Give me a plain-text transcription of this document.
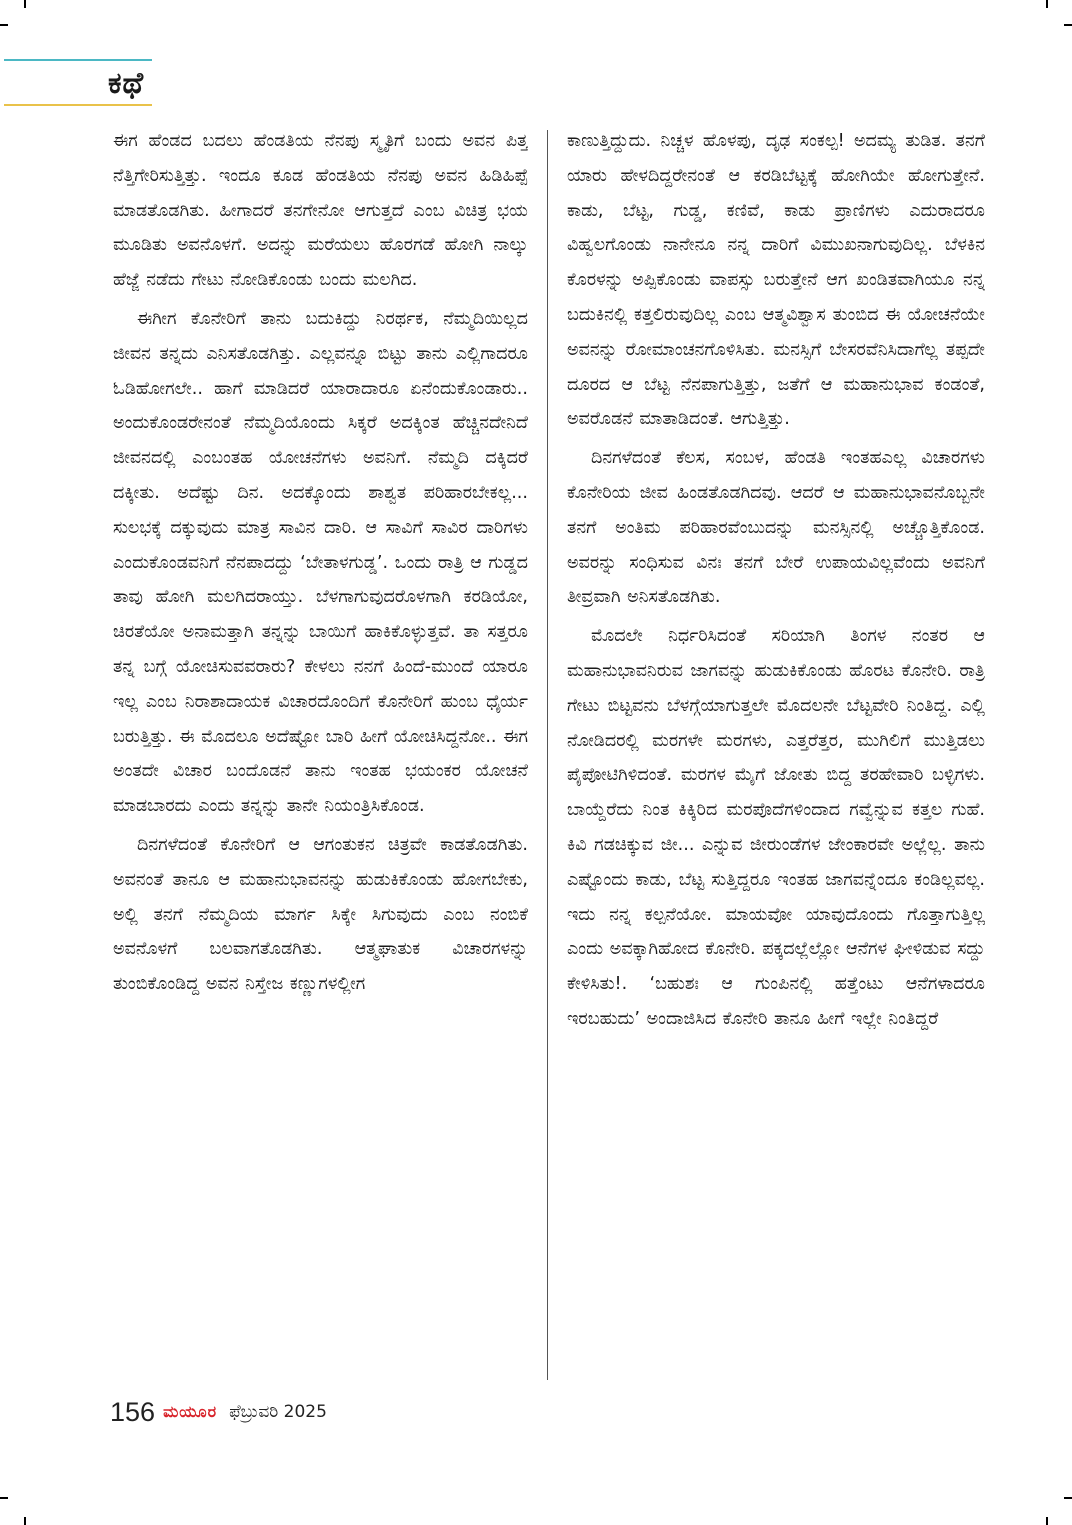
ಕಥೆ

ಈಗ ಹೆಂಡದ ಬದಲು ಹೆಂಡತಿಯ ನೆನಪು ಸ್ಮೃತಿಗೆ ಬಂದು ಅವನ ಪಿತ್ತ ನೆತ್ತಿಗೇರಿಸುತ್ತಿತ್ತು. ಇಂದೂ ಕೂಡ ಹೆಂಡತಿಯ ನೆನಪು ಅವನ ಹಿಡಿಹಿಪ್ಪೆ ಮಾಡತೊಡಗಿತು. ಹೀಗಾದರೆ ತನಗೇನೋ ಆಗುತ್ತದೆ ಎಂಬ ವಿಚಿತ್ರ ಭಯ ಮೂಡಿತು ಅವನೊಳಗೆ. ಅದನ್ನು ಮರೆಯಲು ಹೊರಗಡೆ ಹೋಗಿ ನಾಲ್ಕು ಹೆಜ್ಜೆ ನಡೆದು ಗೇಟು ನೋಡಿಕೊಂಡು ಬಂದು ಮಲಗಿದ.

ಈಗೀಗ ಕೊನೇರಿಗೆ ತಾನು ಬದುಕಿದ್ದು ನಿರರ್ಥಕ, ನೆಮ್ಮದಿಯಿಲ್ಲದ ಜೀವನ ತನ್ನದು ಎನಿಸತೊಡಗಿತ್ತು. ಎಲ್ಲವನ್ನೂ ಬಿಟ್ಟು ತಾನು ಎಲ್ಲಿಗಾದರೂ ಓಡಿಹೋಗಲೇ.. ಹಾಗೆ ಮಾಡಿದರೆ ಯಾರಾದಾರೂ ಏನೆಂದುಕೊಂಡಾರು.. ಅಂದುಕೊಂಡರೇನಂತೆ ನೆಮ್ಮದಿಯೊಂದು ಸಿಕ್ಕರೆ ಅದಕ್ಕಿಂತ ಹೆಚ್ಚಿನದೇನಿದೆ ಜೀವನದಲ್ಲಿ ಎಂಬಂತಹ ಯೋಚನೆಗಳು ಅವನಿಗೆ. ನೆಮ್ಮದಿ ದಕ್ಕಿದರೆ ದಕ್ಕೀತು. ಅದೆಷ್ಟು ದಿನ. ಅದಕ್ಕೊಂದು ಶಾಶ್ವತ ಪರಿಹಾರಬೇಕಲ್ಲ... ಸುಲಭಕ್ಕೆ ದಕ್ಕುವುದು ಮಾತ್ರ ಸಾವಿನ ದಾರಿ. ಆ ಸಾವಿಗೆ ಸಾವಿರ ದಾರಿಗಳು ಎಂದುಕೊಂಡವನಿಗೆ ನೆನಪಾದದ್ದು ‘ಬೇತಾಳಗುಡ್ಡ’. ಒಂದು ರಾತ್ರಿ ಆ ಗುಡ್ಡದ ತಾವು ಹೋಗಿ ಮಲಗಿದರಾಯ್ತು. ಬೆಳಗಾಗುವುದರೊಳಗಾಗಿ ಕರಡಿಯೋ, ಚಿರತೆಯೋ ಅನಾಮತ್ತಾಗಿ ತನ್ನನ್ನು ಬಾಯಿಗೆ ಹಾಕಿಕೊಳ್ಳುತ್ತವೆ. ತಾ ಸತ್ತರೂ ತನ್ನ ಬಗ್ಗೆ ಯೋಚಿಸುವವರಾರು? ಕೇಳಲು ನನಗೆ ಹಿಂದೆ-ಮುಂದೆ ಯಾರೂ ಇಲ್ಲ ಎಂಬ ನಿರಾಶಾದಾಯಕ ವಿಚಾರದೊಂದಿಗೆ ಕೊನೇರಿಗೆ ಹುಂಬ ಧೈರ್ಯ ಬರುತ್ತಿತ್ತು. ಈ ಮೊದಲೂ ಅದೆಷ್ಟೋ ಬಾರಿ ಹೀಗೆ ಯೋಚಿಸಿದ್ದನೋ.. ಈಗ ಅಂತದೇ ವಿಚಾರ ಬಂದೊಡನೆ ತಾನು ಇಂತಹ ಭಯಂಕರ ಯೋಚನೆ ಮಾಡಬಾರದು ಎಂದು ತನ್ನನ್ನು ತಾನೇ ನಿಯಂತ್ರಿಸಿಕೊಂಡ.

ದಿನಗಳೆದಂತೆ ಕೊನೇರಿಗೆ ಆ ಆಗಂತುಕನ ಚಿತ್ರವೇ ಕಾಡತೊಡಗಿತು. ಅವನಂತೆ ತಾನೂ ಆ ಮಹಾನುಭಾವನನ್ನು ಹುಡುಕಿಕೊಂಡು ಹೋಗಬೇಕು, ಅಲ್ಲಿ ತನಗೆ ನೆಮ್ಮದಿಯ ಮಾರ್ಗ ಸಿಕ್ಕೇ ಸಿಗುವುದು ಎಂಬ ನಂಬಿಕೆ ಅವನೊಳಗೆ ಬಲವಾಗತೊಡಗಿತು. ಆತ್ಮಘಾತುಕ ವಿಚಾರಗಳನ್ನು ತುಂಬಿಕೊಂಡಿದ್ದ ಅವನ ನಿಸ್ತೇಜ ಕಣ್ಣುಗಳಲ್ಲೀಗ

ಕಾಣುತ್ತಿದ್ದುದು. ನಿಚ್ಚಳ ಹೊಳಪು, ದೃಢ ಸಂಕಲ್ಪ! ಅದಮ್ಯ ತುಡಿತ. ತನಗೆ ಯಾರು ಹೇಳದಿದ್ದರೇನಂತೆ ಆ ಕರಡಿಬೆಟ್ಟಕ್ಕೆ ಹೋಗಿಯೇ ಹೋಗುತ್ತೇನೆ. ಕಾಡು, ಬೆಟ್ಟ, ಗುಡ್ಡ, ಕಣಿವೆ, ಕಾಡು ಪ್ರಾಣಿಗಳು ಎದುರಾದರೂ ವಿಹ್ವಲಗೊಂಡು ನಾನೇನೂ ನನ್ನ ದಾರಿಗೆ ವಿಮುಖನಾಗುವುದಿಲ್ಲ. ಬೆಳಕಿನ ಕೊರಳನ್ನು ಅಪ್ಪಿಕೊಂಡು ವಾಪಸ್ಸು ಬರುತ್ತೇನೆ ಆಗ ಖಂಡಿತವಾಗಿಯೂ ನನ್ನ ಬದುಕಿನಲ್ಲಿ ಕತ್ತಲಿರುವುದಿಲ್ಲ ಎಂಬ ಆತ್ಮವಿಶ್ವಾಸ ತುಂಬಿದ ಈ ಯೋಚನೆಯೇ ಅವನನ್ನು ರೋಮಾಂಚನಗೊಳಿಸಿತು. ಮನಸ್ಸಿಗೆ ಬೇಸರವೆನಿಸಿದಾಗೆಲ್ಲ ತಪ್ಪದೇ ದೂರದ ಆ ಬೆಟ್ಟ ನೆನಪಾಗುತ್ತಿತ್ತು, ಜತೆಗೆ ಆ ಮಹಾನುಭಾವ ಕಂಡಂತೆ, ಅವರೊಡನೆ ಮಾತಾಡಿದಂತೆ. ಆಗುತ್ತಿತ್ತು.

ದಿನಗಳೆದಂತೆ ಕೆಲಸ, ಸಂಬಳ, ಹೆಂಡತಿ ಇಂತಹಎಲ್ಲ ವಿಚಾರಗಳು ಕೊನೇರಿಯ ಜೀವ ಹಿಂಡತೊಡಗಿದವು. ಆದರೆ ಆ ಮಹಾನುಭಾವನೊಬ್ಬನೇ ತನಗೆ ಅಂತಿಮ ಪರಿಹಾರವೆಂಬುದನ್ನು ಮನಸ್ಸಿನಲ್ಲಿ ಅಚ್ಚೊತ್ತಿಕೊಂಡ. ಅವರನ್ನು ಸಂಧಿಸುವ ವಿನಃ ತನಗೆ ಬೇರೆ ಉಪಾಯವಿಲ್ಲವೆಂದು ಅವನಿಗೆ ತೀವ್ರವಾಗಿ ಅನಿಸತೊಡಗಿತು.

ಮೊದಲೇ ನಿರ್ಧರಿಸಿದಂತೆ ಸರಿಯಾಗಿ ತಿಂಗಳ ನಂತರ ಆ ಮಹಾನುಭಾವನಿರುವ ಜಾಗವನ್ನು ಹುಡುಕಿಕೊಂಡು ಹೊರಟ ಕೊನೇರಿ. ರಾತ್ರಿ ಗೇಟು ಬಿಟ್ಟವನು ಬೆಳಗ್ಗೆಯಾಗುತ್ತಲೇ ಮೊದಲನೇ ಬೆಟ್ಟವೇರಿ ನಿಂತಿದ್ದ. ಎಲ್ಲಿ ನೋಡಿದರಲ್ಲಿ ಮರಗಳೇ ಮರಗಳು, ಎತ್ತರೆತ್ತರ, ಮುಗಿಲಿಗೆ ಮುತ್ತಿಡಲು ಪೈಪೋಟಿಗಿಳಿದಂತೆ. ಮರಗಳ ಮೈಗೆ ಜೋತು ಬಿದ್ದ ತರಹೇವಾರಿ ಬಳ್ಳಿಗಳು. ಬಾಯ್ದೆರೆದು ನಿಂತ ಕಿಕ್ಕಿರಿದ ಮರಪೊದೆಗಳಿಂದಾದ ಗವ್ವೆನ್ನುವ ಕತ್ತಲ ಗುಹೆ. ಕಿವಿ ಗಡಚಿಕ್ಕುವ ಜೀ... ಎನ್ನುವ ಜೀರುಂಡೆಗಳ ಜೇಂಕಾರವೇ ಅಲ್ಲೆಲ್ಲ. ತಾನು ಎಷ್ಟೊಂದು ಕಾಡು, ಬೆಟ್ಟ ಸುತ್ತಿದ್ದರೂ ಇಂತಹ ಜಾಗವನ್ನೆಂದೂ ಕಂಡಿಲ್ಲವಲ್ಲ. ಇದು ನನ್ನ ಕಲ್ಪನೆಯೋ. ಮಾಯವೋ ಯಾವುದೊಂದು ಗೊತ್ತಾಗುತ್ತಿಲ್ಲ ಎಂದು ಅವಕ್ಕಾಗಿಹೋದ ಕೊನೇರಿ. ಪಕ್ಕದಲ್ಲೆಲ್ಲೋ ಆನೆಗಳ ಘೀಳಿಡುವ ಸದ್ದು ಕೇಳಿಸಿತು!. ‘ಬಹುಶಃ ಆ ಗುಂಪಿನಲ್ಲಿ ಹತ್ತೆಂಟು ಆನೆಗಳಾದರೂ ಇರಬಹುದು’ ಅಂದಾಜಿಸಿದ ಕೊನೇರಿ ತಾನೂ ಹೀಗೆ ಇಲ್ಲೇ ನಿಂತಿದ್ದರೆ

156 ಮಯೂರ ಫೆಬ್ರುವರಿ 2025
